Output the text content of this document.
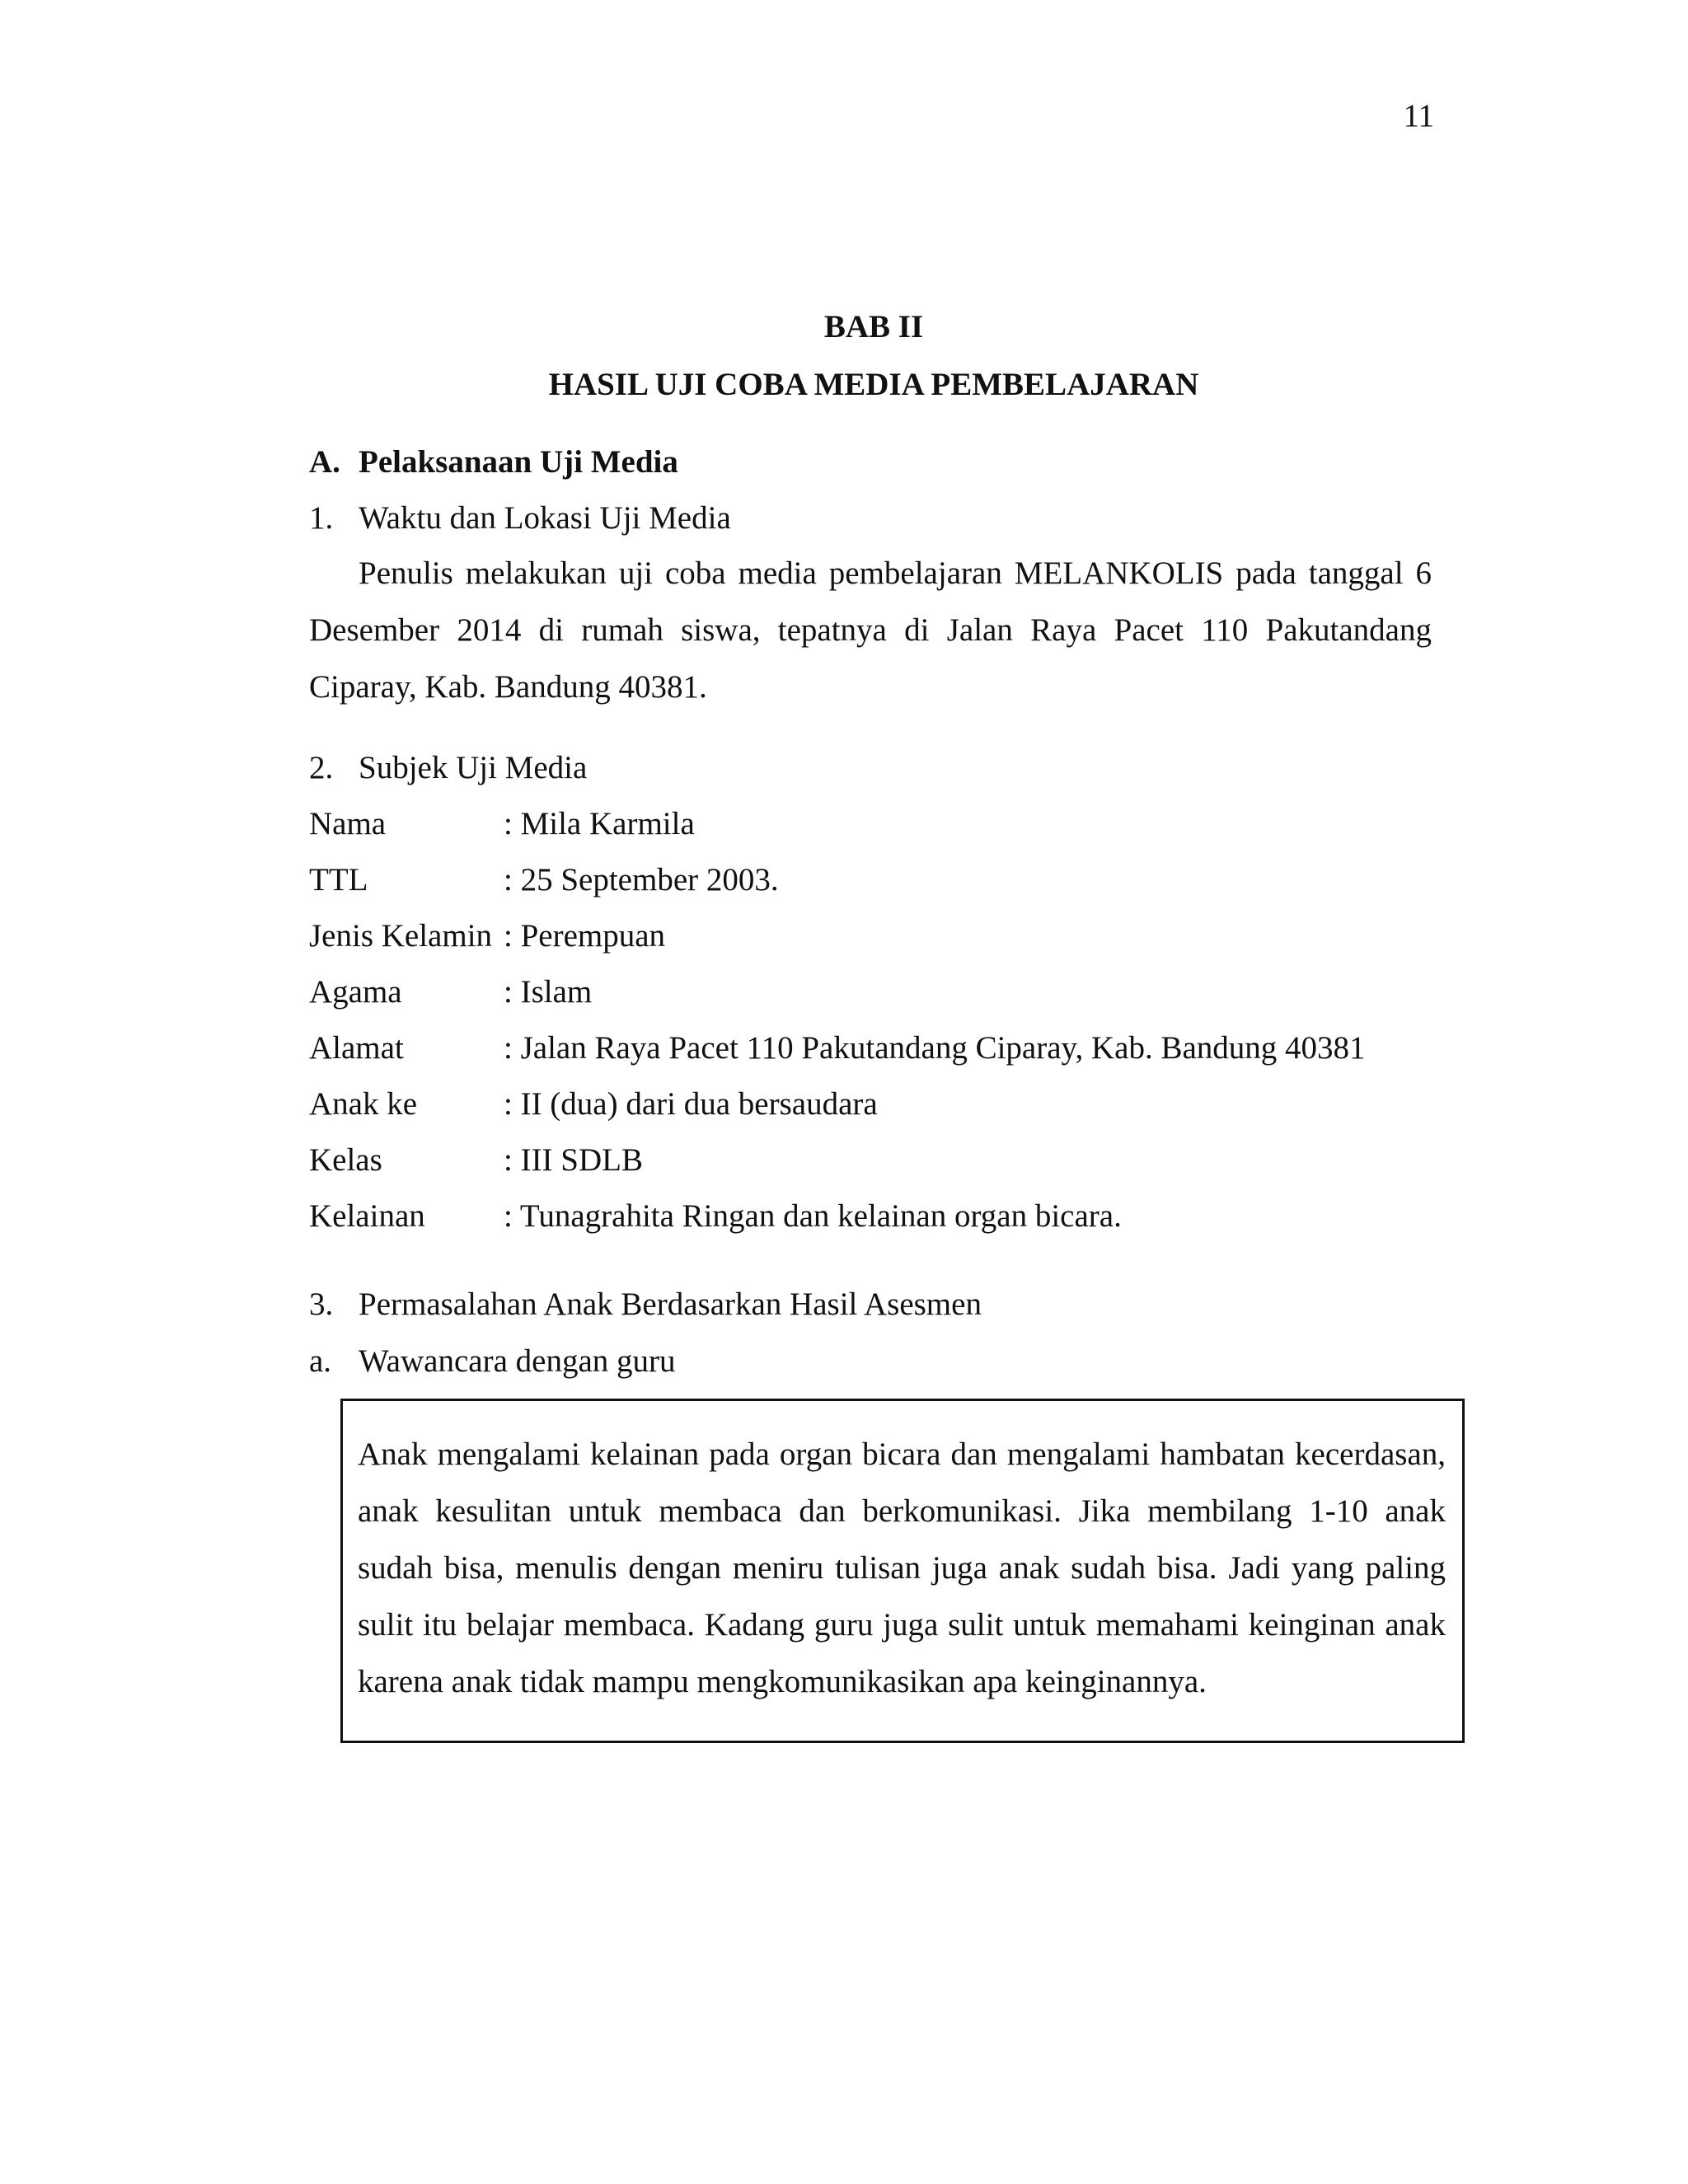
11
BAB II
HASIL UJI COBA MEDIA PEMBELAJARAN
A. Pelaksanaan Uji Media
1. Waktu dan Lokasi Uji Media
Penulis melakukan uji coba media pembelajaran MELANKOLIS pada tanggal 6 Desember 2014 di rumah siswa, tepatnya di Jalan Raya Pacet 110 Pakutandang Ciparay, Kab. Bandung 40381.
2. Subjek Uji Media
Nama	: Mila Karmila
TTL	: 25 September 2003.
Jenis Kelamin : Perempuan
Agama	: Islam
Alamat	: Jalan Raya Pacet 110 Pakutandang Ciparay, Kab. Bandung 40381
Anak ke	: II (dua) dari dua bersaudara
Kelas	: III SDLB
Kelainan : Tunagrahita Ringan dan kelainan organ bicara.
3. Permasalahan Anak Berdasarkan Hasil Asesmen
a. Wawancara dengan guru
Anak mengalami kelainan pada organ bicara dan mengalami hambatan kecerdasan, anak kesulitan untuk membaca dan berkomunikasi. Jika membilang 1-10 anak sudah bisa, menulis dengan meniru tulisan juga anak sudah bisa. Jadi yang paling sulit itu belajar membaca. Kadang guru juga sulit untuk memahami keinginan anak karena anak tidak mampu mengkomunikasikan apa keinginannya.
